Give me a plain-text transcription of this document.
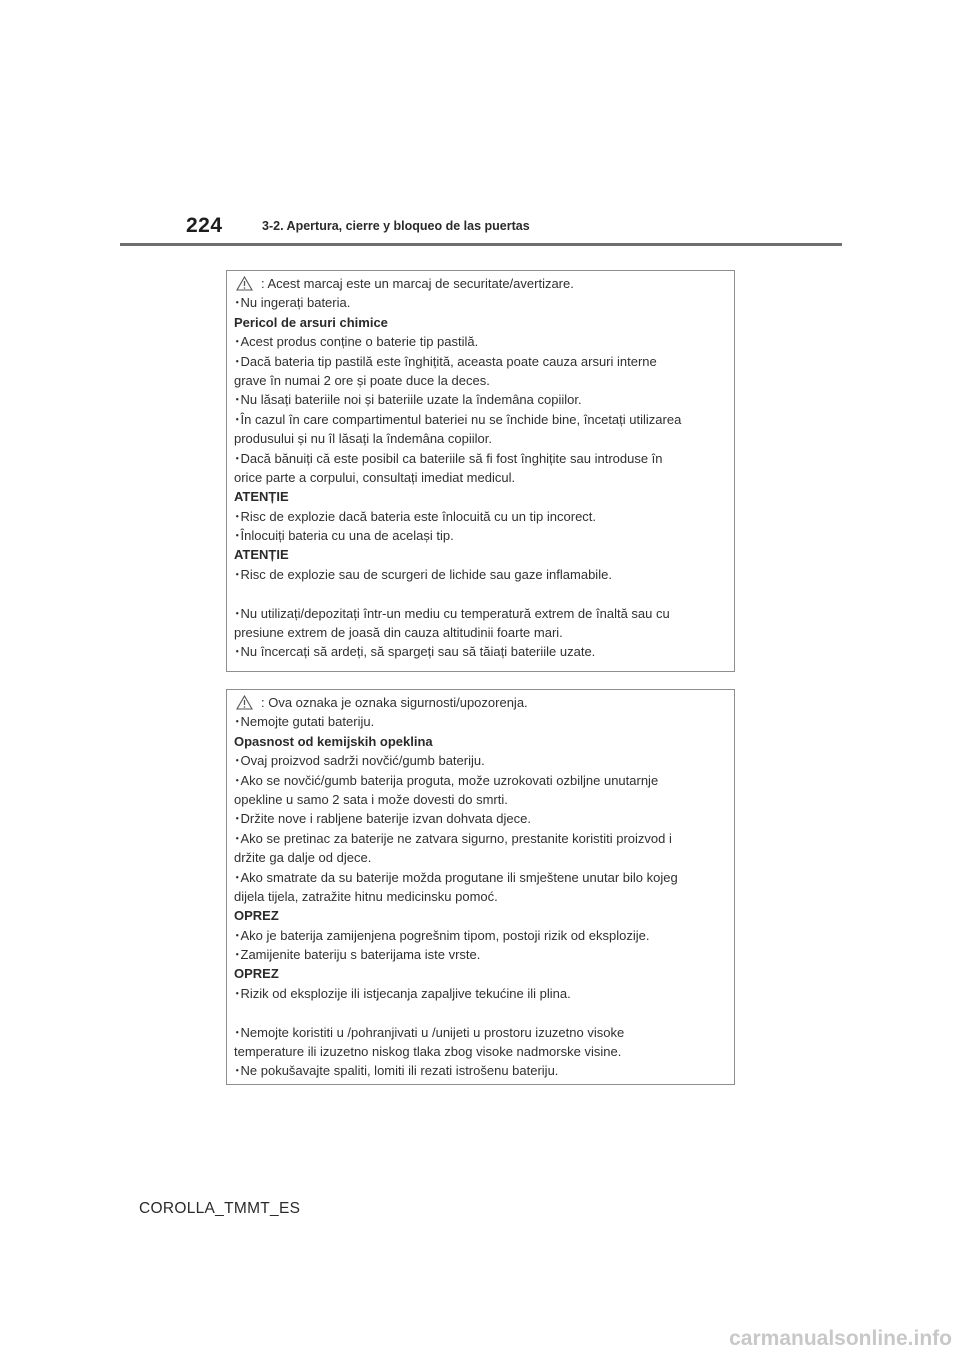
224	3-2. Apertura, cierre y bloqueo de las puertas
: Acest marcaj este un marcaj de securitate/avertizare.
･Nu ingerați bateria.
Pericol de arsuri chimice
･Acest produs conține o baterie tip pastilă.
･Dacă bateria tip pastilă este înghițită, aceasta poate cauza arsuri interne
grave în numai 2 ore și poate duce la deces.
･Nu lăsați bateriile noi și bateriile uzate la îndemâna copiilor.
･În cazul în care compartimentul bateriei nu se închide bine, încetați utilizarea
produsului și nu îl lăsați la îndemâna copiilor.
･Dacă bănuiți că este posibil ca bateriile să fi fost înghițite sau introduse în
orice parte a corpului, consultați imediat medicul.
ATENȚIE
･Risc de explozie dacă bateria este înlocuită cu un tip incorect.
･Înlocuiți bateria cu una de același tip.
ATENȚIE
･Risc de explozie sau de scurgeri de lichide sau gaze inflamabile.
･Nu utilizați/depozitați într-un mediu cu temperatură extrem de înaltă sau cu
presiune extrem de joasă din cauza altitudinii foarte mari.
･Nu încercați să ardeți, să spargeți sau să tăiați bateriile uzate.
: Ova oznaka je oznaka sigurnosti/upozorenja.
･Nemojte gutati bateriju.
Opasnost od kemijskih opeklina
･Ovaj proizvod sadrži novčić/gumb bateriju.
･Ako se novčić/gumb baterija proguta, može uzrokovati ozbiljne unutarnje
opekline u samo 2 sata i može dovesti do smrti.
･Držite nove i rabljene baterije izvan dohvata djece.
･Ako se pretinac za baterije ne zatvara sigurno, prestanite koristiti proizvod i
držite ga dalje od djece.
･Ako smatrate da su baterije možda progutane ili smještene unutar bilo kojeg
dijela tijela, zatražite hitnu medicinsku pomoć.
OPREZ
･Ako je baterija zamijenjena pogrešnim tipom, postoji rizik od eksplozije.
･Zamijenite bateriju s baterijama iste vrste.
OPREZ
･Rizik od eksplozije ili istjecanja zapaljive tekućine ili plina.
･Nemojte koristiti u /pohranjivati u /unijeti u prostoru izuzetno visoke
temperature ili izuzetno niskog tlaka zbog visoke nadmorske visine.
･Ne pokušavajte spaliti, lomiti ili rezati istrošenu bateriju.
COROLLA_TMMT_ES
carmanualsonline.info
